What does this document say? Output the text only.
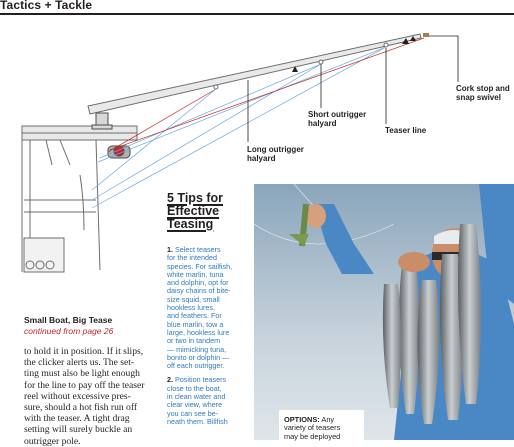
Tactics + Tackle
Cork stop and
snap swivel
Short outrigger
halyard
Teaser line
Long outrigger
halyard
Small Boat, Big Tease
continued from page 26
to hold it in position. If it slips,
the clicker alerts us. The set-
ting must also be light enough
for the line to pay off the teaser
reel without excessive pres-
sure, should a hot fish run off
with the teaser. A tight drag
setting will surely buckle an
outrigger pole.
5 Tips for
Effective
Teasing
1. Select teasers
for the intended
species. For sailfish,
white marlin, tuna
and dolphin, opt for
daisy chains of bite-
size squid, small
hookless lures,
and feathers. For
blue marlin, tow a
large, hookless lure
or two in tandem
— mimicking tuna,
bonito or dolphin —
off each outrigger.
2. Position teasers
close to the boat,
in clean water and
clear view, where
you can see be-
neath them. Billfish	OPTIONS: Any
variety of teasers
may be deployed
